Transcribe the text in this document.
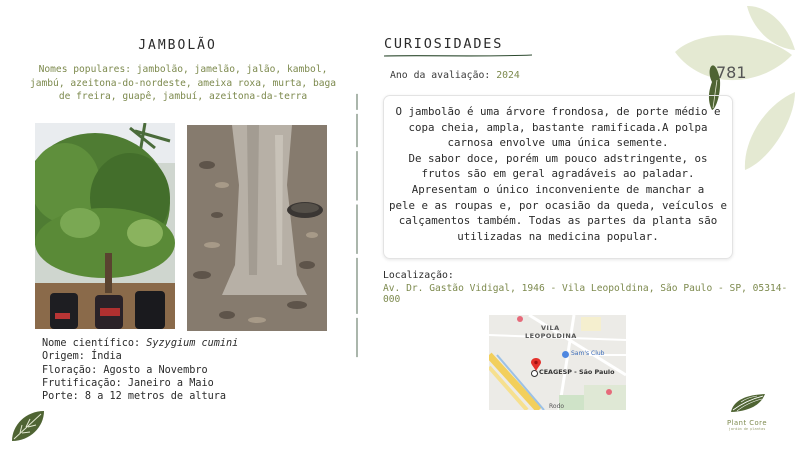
781
JAMBOLÃO
Nomes populares: jambolão, jamelão, jalão, kambol, jambú, azeitona-do-nordeste, ameixa roxa, murta, baga de freira, guapê, jambuí, azeitona-da-terra
Nome científico: Syzygium cumini
Origem: Índia
Floração: Agosto a Novembro
Frutificação: Janeiro a Maio
Porte: 8 a 12 metros de altura
CURIOSIDADES
Ano da avaliação: 2024
O jambolão é uma árvore frondosa, de porte médio e
copa cheia, ampla, bastante ramificada.A polpa
carnosa envolve uma única semente.
De sabor doce, porém um pouco adstringente, os
frutos são em geral agradáveis ao paladar.
Apresentam o único inconveniente de manchar a
pele e as roupas e, por ocasião da queda, veículos e
calçamentos também. Todas as partes da planta são
utilizadas na medicina popular.
Localização:
Av. Dr. Gastão Vidigal, 1946 - Vila Leopoldina, São Paulo - SP, 05314-000
VILA
LEOPOLDINA
Sam's Club
CEAGESP - São Paulo
Rodo
Plant Core
jardim de plantas
